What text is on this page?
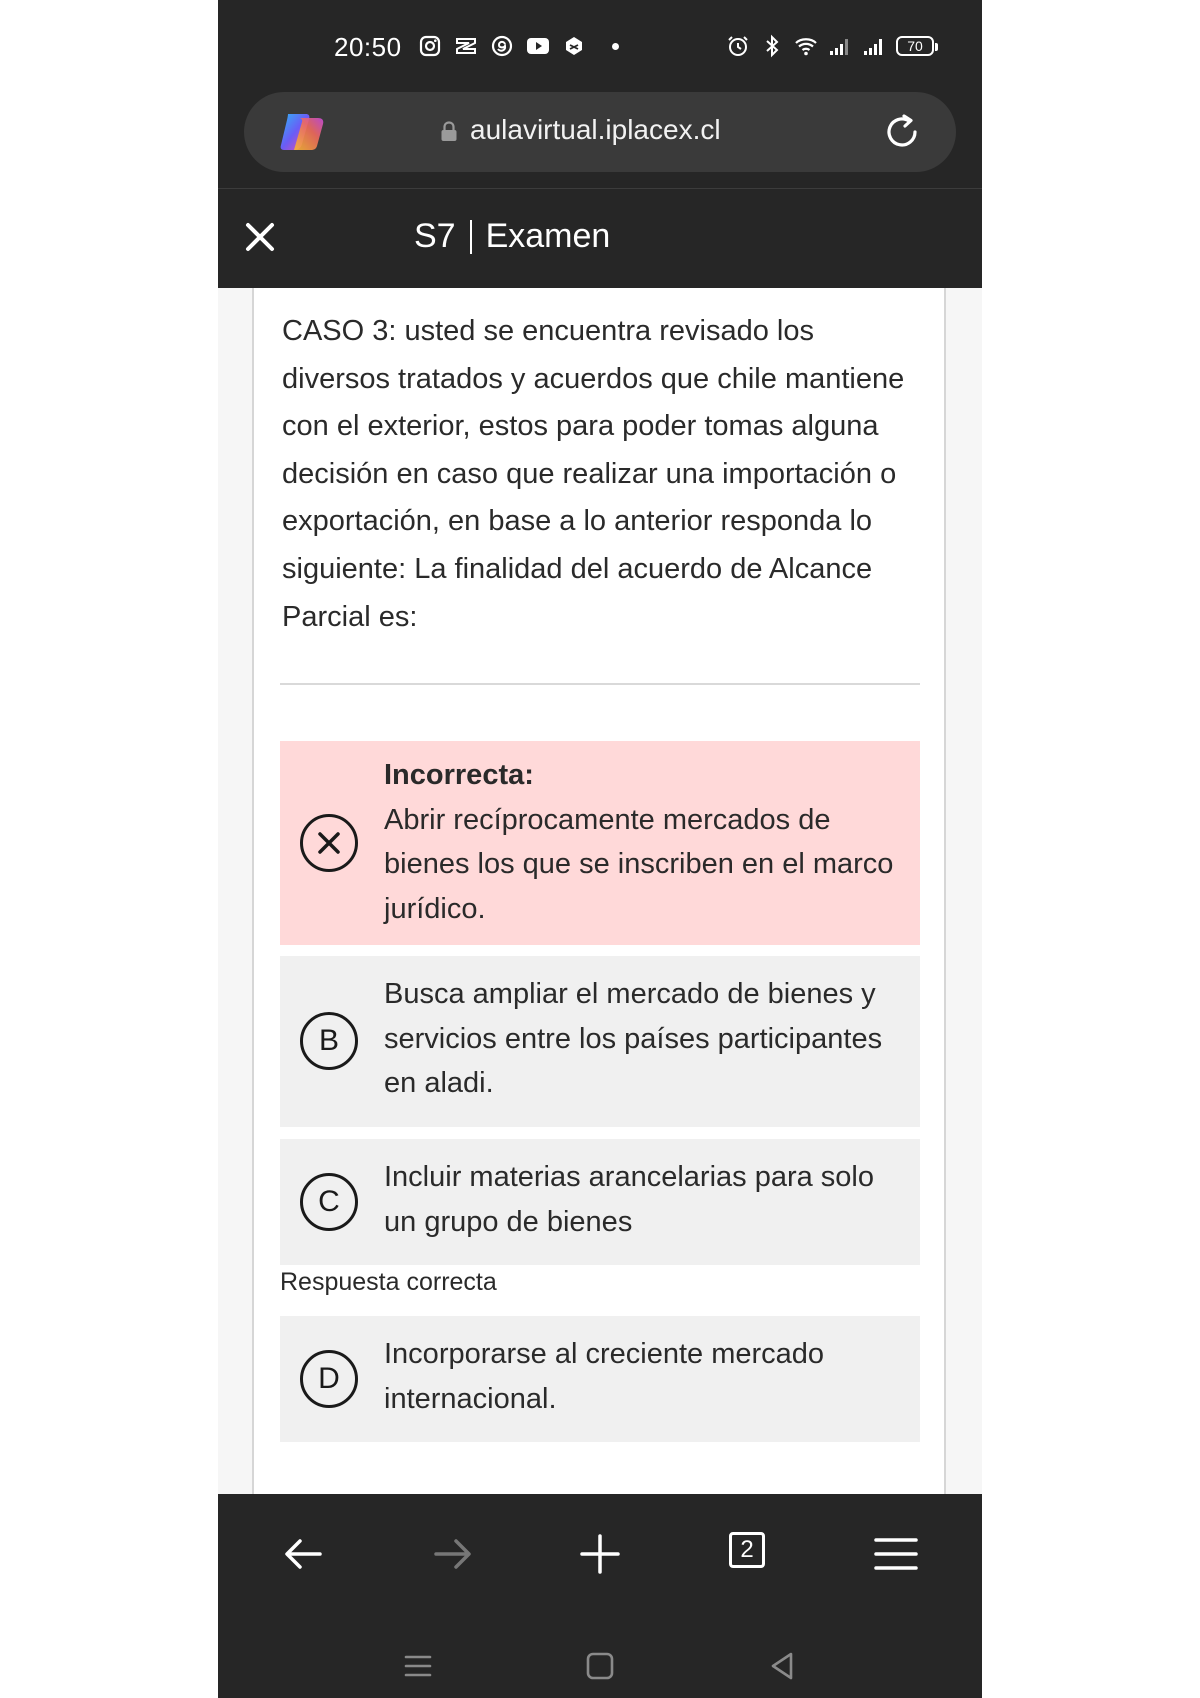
20:50	70
aulavirtual.iplacex.cl
S7 Examen
CASO 3: usted se encuentra revisado los diversos tratados y acuerdos que chile mantiene con el exterior, estos para poder tomas alguna decisión en caso que realizar una importación o exportación, en base a lo anterior responda lo siguiente: La finalidad del acuerdo de Alcance Parcial es:
Incorrecta:
Abrir recíprocamente mercados de bienes los que se inscriben en el marco jurídico.
B
Busca ampliar el mercado de bienes y servicios entre los países participantes en aladi.
C
Incluir materias arancelarias para solo un grupo de bienes
Respuesta correcta
D
Incorporarse al creciente mercado internacional.
2
